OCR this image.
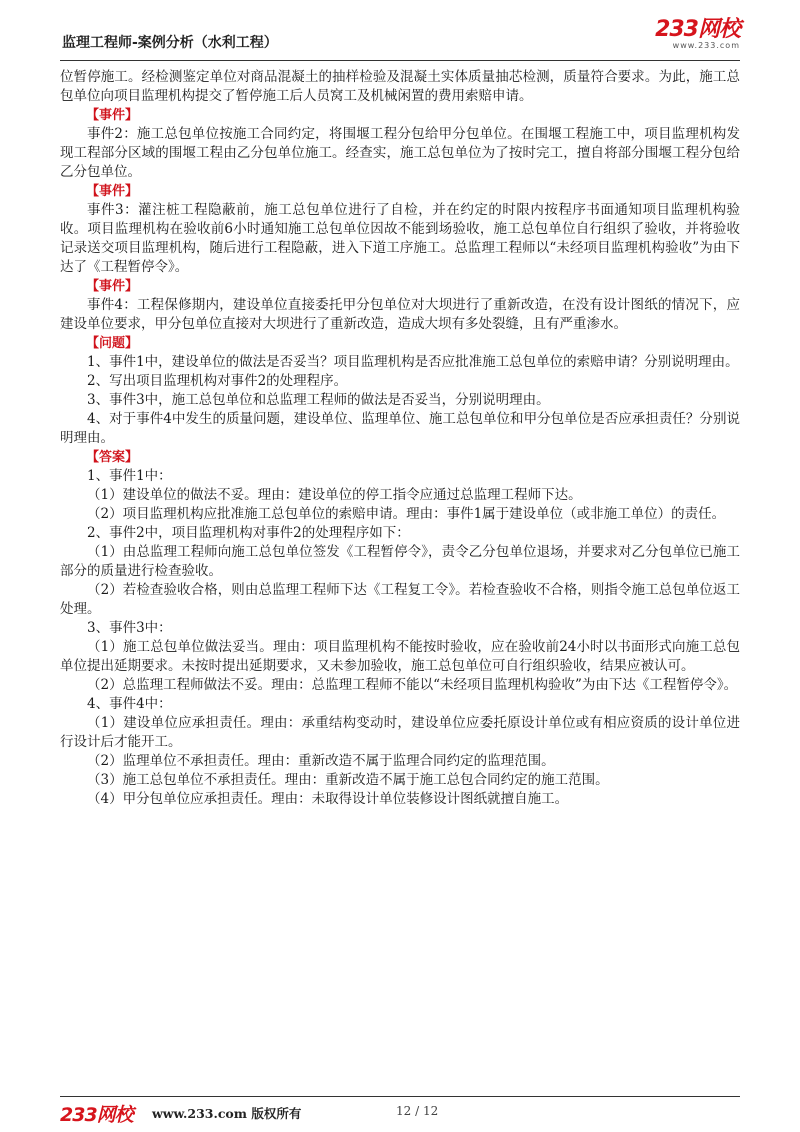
监理工程师-案例分析（水利工程）
233网校
www.233.com

位暂停施工。经检测鉴定单位对商品混凝土的抽样检验及混凝土实体质量抽芯检测，质量符合要求。为此，施工总包单位向项目监理机构提交了暂停施工后人员窝工及机械闲置的费用索赔申请。

【事件】

事件2：施工总包单位按施工合同约定，将围堰工程分包给甲分包单位。在围堰工程施工中，项目监理机构发现工程部分区域的围堰工程由乙分包单位施工。经查实，施工总包单位为了按时完工，擅自将部分围堰工程分包给乙分包单位。

【事件】

事件3：灌注桩工程隐蔽前，施工总包单位进行了自检，并在约定的时限内按程序书面通知项目监理机构验收。项目监理机构在验收前6小时通知施工总包单位因故不能到场验收，施工总包单位自行组织了验收，并将验收记录送交项目监理机构，随后进行工程隐蔽，进入下道工序施工。总监理工程师以“未经项目监理机构验收”为由下达了《工程暂停令》。

【事件】

事件4：工程保修期内，建设单位直接委托甲分包单位对大坝进行了重新改造，在没有设计图纸的情况下，应建设单位要求，甲分包单位直接对大坝进行了重新改造，造成大坝有多处裂缝，且有严重渗水。

【问题】

1、事件1中，建设单位的做法是否妥当？项目监理机构是否应批准施工总包单位的索赔申请？分别说明理由。

2、写出项目监理机构对事件2的处理程序。

3、事件3中，施工总包单位和总监理工程师的做法是否妥当，分别说明理由。

4、对于事件4中发生的质量问题，建设单位、监理单位、施工总包单位和甲分包单位是否应承担责任？分别说明理由。

【答案】

1、事件1中：

（1）建设单位的做法不妥。理由：建设单位的停工指令应通过总监理工程师下达。

（2）项目监理机构应批准施工总包单位的索赔申请。理由：事件1属于建设单位（或非施工单位）的责任。

2、事件2中，项目监理机构对事件2的处理程序如下：

（1）由总监理工程师向施工总包单位签发《工程暂停令》，责令乙分包单位退场，并要求对乙分包单位已施工部分的质量进行检查验收。

（2）若检查验收合格，则由总监理工程师下达《工程复工令》。若检查验收不合格，则指令施工总包单位返工处理。

3、事件3中：

（1）施工总包单位做法妥当。理由：项目监理机构不能按时验收，应在验收前24小时以书面形式向施工总包单位提出延期要求。未按时提出延期要求，又未参加验收，施工总包单位可自行组织验收，结果应被认可。

（2）总监理工程师做法不妥。理由：总监理工程师不能以“未经项目监理机构验收”为由下达《工程暂停令》。

4、事件4中：

（1）建设单位应承担责任。理由：承重结构变动时，建设单位应委托原设计单位或有相应资质的设计单位进行设计后才能开工。

（2）监理单位不承担责任。理由：重新改造不属于监理合同约定的监理范围。

（3）施工总包单位不承担责任。理由：重新改造不属于施工总包合同约定的施工范围。

（4）甲分包单位应承担责任。理由：未取得设计单位装修设计图纸就擅自施工。

233网校 www.233.com 版权所有	12 / 12
